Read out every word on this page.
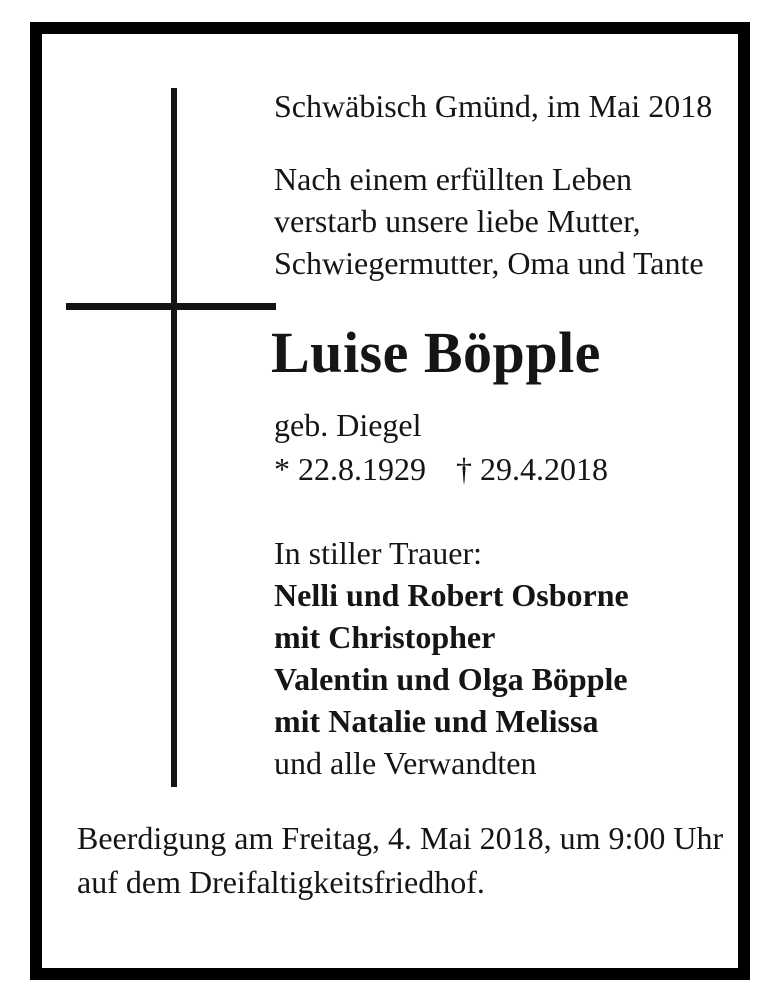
Schwäbisch Gmünd, im Mai 2018
Nach einem erfüllten Leben
verstarb unsere liebe Mutter,
Schwiegermutter, Oma und Tante
Luise Böpple
geb. Diegel
* 22.8.1929 † 29.4.2018
In stiller Trauer:
Nelli und Robert Osborne
mit Christopher
Valentin und Olga Böpple
mit Natalie und Melissa
und alle Verwandten
Beerdigung am Freitag, 4. Mai 2018, um 9:00 Uhr
auf dem Dreifaltigkeitsfriedhof.
